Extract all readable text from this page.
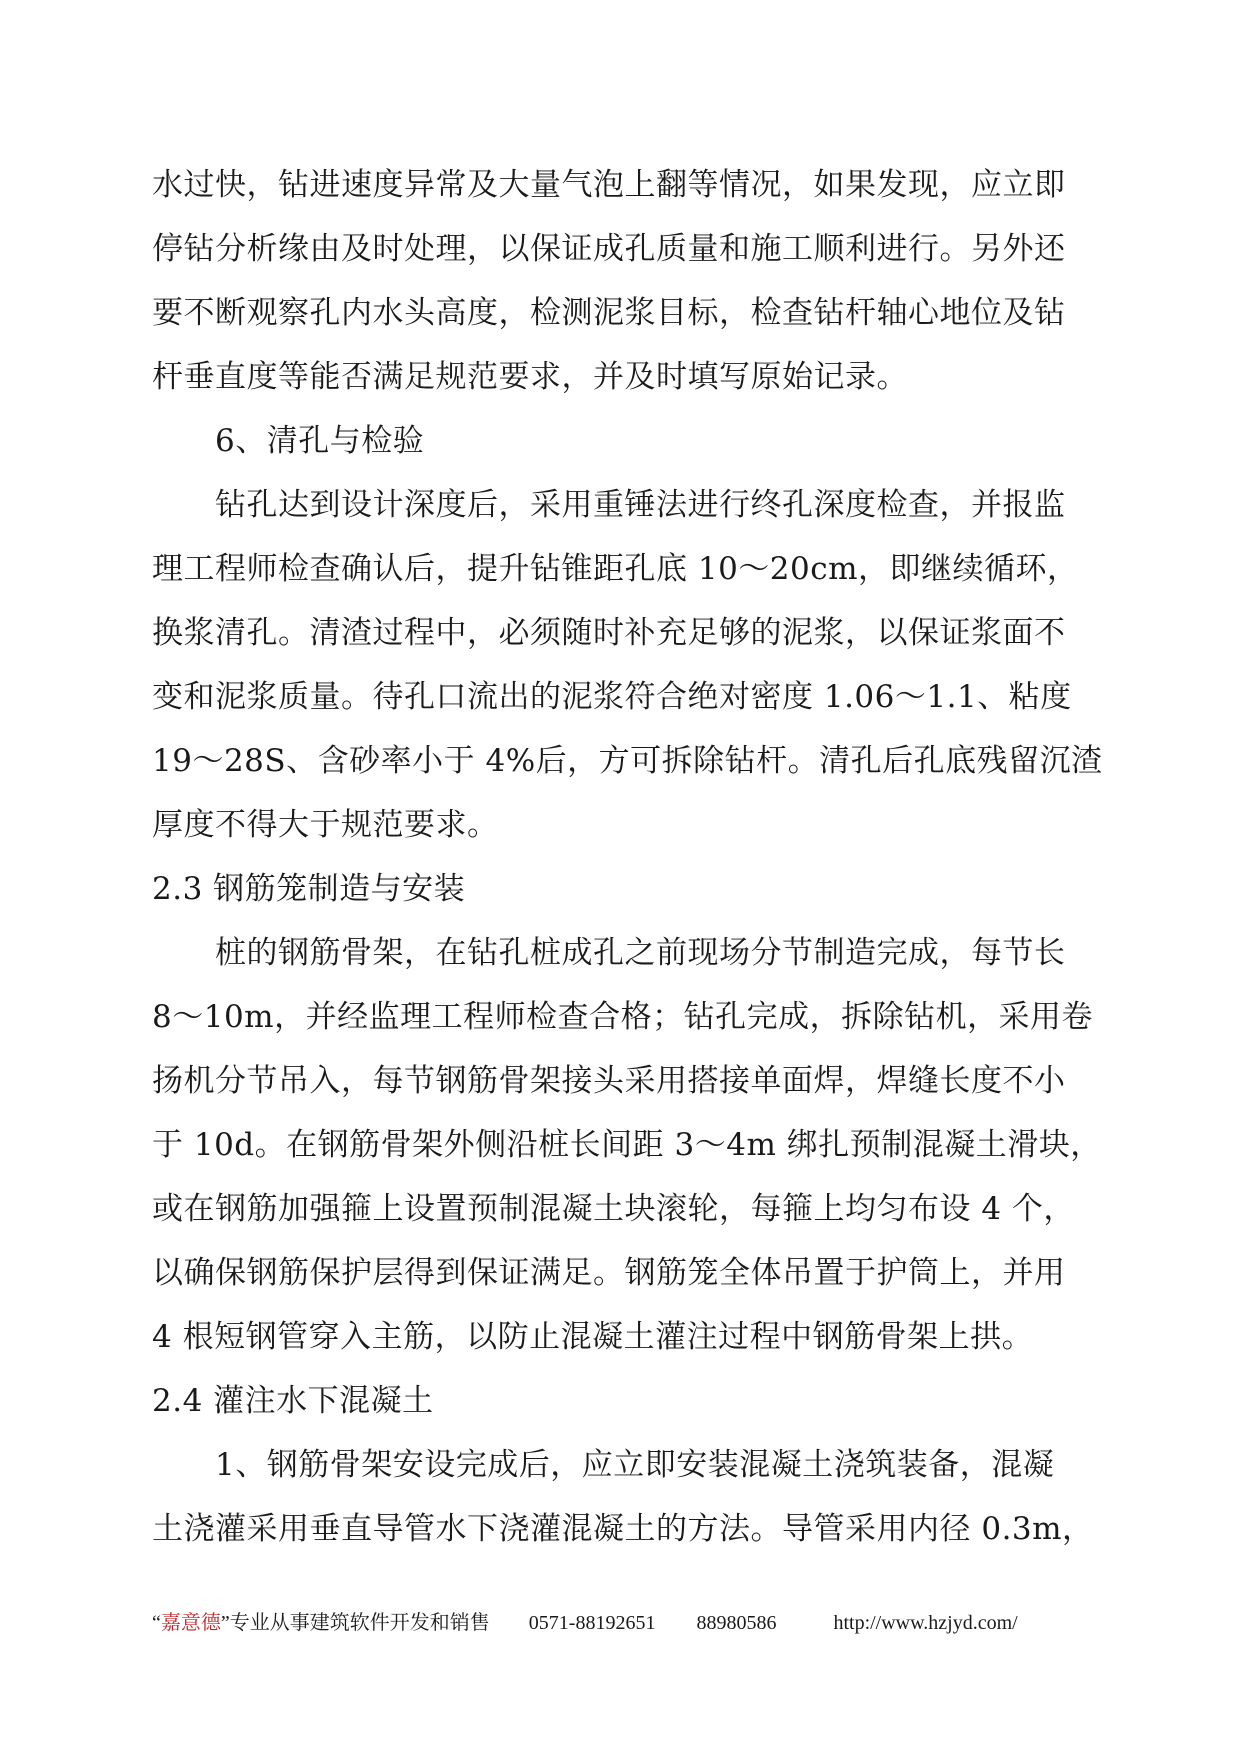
水过快，钻进速度异常及大量气泡上翻等情况，如果发现，应立即
停钻分析缘由及时处理，以保证成孔质量和施工顺利进行。另外还
要不断观察孔内水头高度，检测泥浆目标，检查钻杆轴心地位及钻
杆垂直度等能否满足规范要求，并及时填写原始记录。
6、清孔与检验
钻孔达到设计深度后，采用重锤法进行终孔深度检查，并报监
理工程师检查确认后，提升钻锥距孔底 10～20cm，即继续循环，
换浆清孔。清渣过程中，必须随时补充足够的泥浆，以保证浆面不
变和泥浆质量。待孔口流出的泥浆符合绝对密度 1.06～1.1、粘度
19～28S、含砂率小于 4%后，方可拆除钻杆。清孔后孔底残留沉渣
厚度不得大于规范要求。
2.3 钢筋笼制造与安装
桩的钢筋骨架，在钻孔桩成孔之前现场分节制造完成，每节长
8～10m，并经监理工程师检查合格；钻孔完成，拆除钻机，采用卷
扬机分节吊入，每节钢筋骨架接头采用搭接单面焊，焊缝长度不小
于 10d。在钢筋骨架外侧沿桩长间距 3～4m 绑扎预制混凝土滑块，
或在钢筋加强箍上设置预制混凝土块滚轮，每箍上均匀布设 4 个，
以确保钢筋保护层得到保证满足。钢筋笼全体吊置于护筒上，并用
4 根短钢管穿入主筋，以防止混凝土灌注过程中钢筋骨架上拱。
2.4 灌注水下混凝土
1、钢筋骨架安设完成后，应立即安装混凝土浇筑装备，混凝
土浇灌采用垂直导管水下浇灌混凝土的方法。导管采用内径 0.3m，
“嘉意德”专业从事建筑软件开发和销售 0571-88192651 88980586	http://www.hzjyd.com/
